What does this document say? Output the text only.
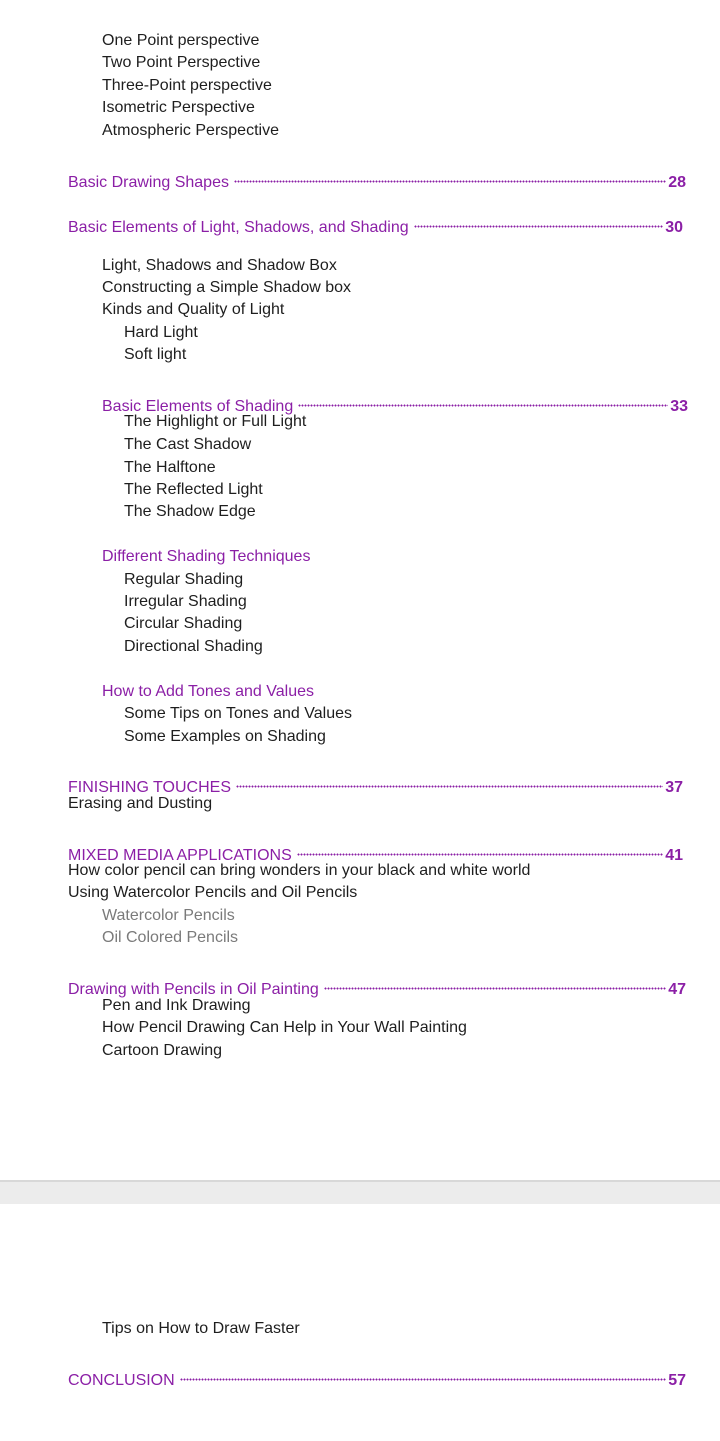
One Point perspective
Two Point Perspective
Three-Point perspective
Isometric Perspective
Atmospheric Perspective
Basic Drawing Shapes	28
Basic Elements of Light, Shadows, and Shading	30
Light, Shadows and Shadow Box
Constructing a Simple Shadow box
Kinds and Quality of Light
Hard Light
Soft light
Basic Elements of Shading	33
The Highlight or Full Light
The Cast Shadow
The Halftone
The Reflected Light
The Shadow Edge
Different Shading Techniques
Regular Shading
Irregular Shading
Circular Shading
Directional Shading
How to Add Tones and Values
Some Tips on Tones and Values
Some Examples on Shading
FINISHING TOUCHES	37
Erasing and Dusting
MIXED MEDIA APPLICATIONS	41
How color pencil can bring wonders in your black and white world
Using Watercolor Pencils and Oil Pencils
Watercolor Pencils
Oil Colored Pencils
Drawing with Pencils in Oil Painting	47
Pen and Ink Drawing
How Pencil Drawing Can Help in Your Wall Painting
Cartoon Drawing
Tips on How to Draw Faster
CONCLUSION	57
